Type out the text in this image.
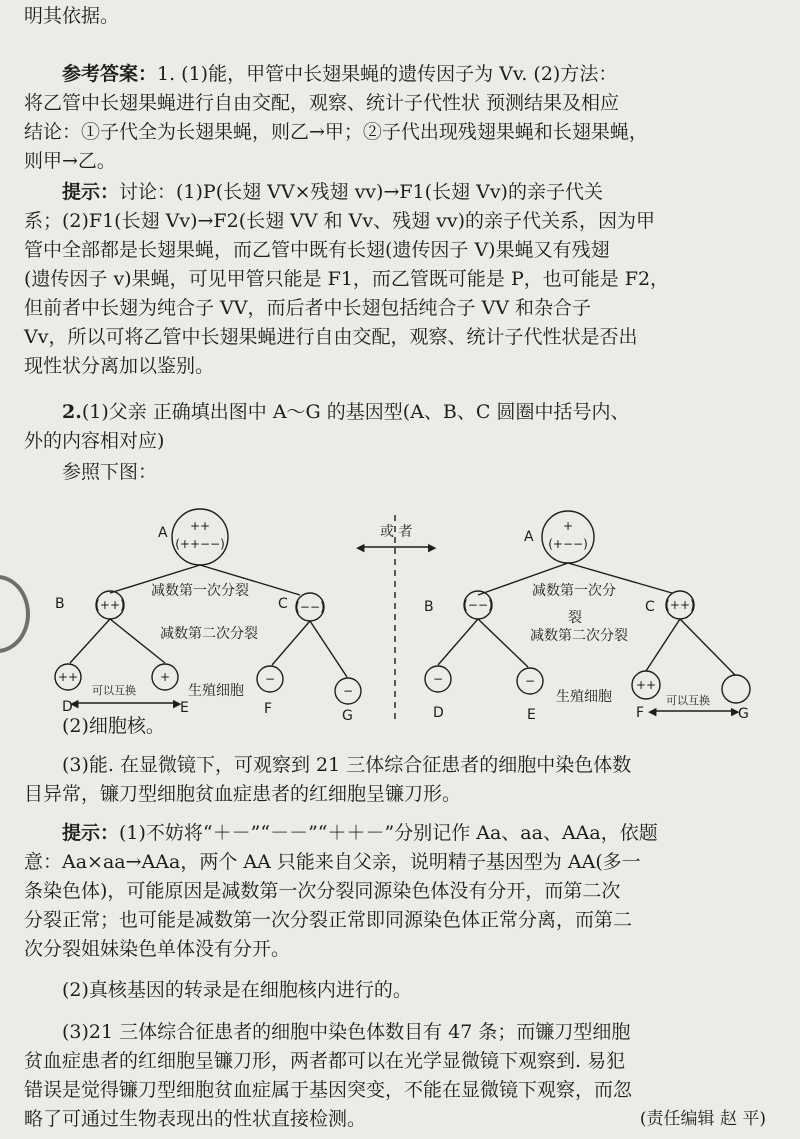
明其依据。

参考答案：1. (1)能，甲管中长翅果蝇的遗传因子为 Vv. (2)方法：
将乙管中长翅果蝇进行自由交配，观察、统计子代性状 预测结果及相应
结论：①子代全为长翅果蝇，则乙→甲；②子代出现残翅果蝇和长翅果蝇，
则甲→乙。
提示：讨论：(1)P(长翅 VV×残翅 vv)→F1(长翅 Vv)的亲子代关
系；(2)F1(长翅 Vv)→F2(长翅 VV 和 Vv、残翅 vv)的亲子代关系，因为甲
管中全部都是长翅果蝇，而乙管中既有长翅(遗传因子 V)果蝇又有残翅
(遗传因子 v)果蝇，可见甲管只能是 F1，而乙管既可能是 P，也可能是 F2，
但前者中长翅为纯合子 VV，而后者中长翅包括纯合子 VV 和杂合子
Vv，所以可将乙管中长翅果蝇进行自由交配，观察、统计子代性状是否出
现性状分离加以鉴别。
2.(1)父亲 正确填出图中 A～G 的基因型(A、B、C 圆圈中括号内、
外的内容相对应)
参照下图：
++
(++−−)
A
减数第一次分裂
(++)
B	(−−)
C
减数第二次分裂
++	+	−
−
可以互换
◀	▶
生殖细胞
D	E	F	G
或 者
◀	▶
+
(+−−)
A
减数第一次分
裂
(−−)
B	(++)
C
减数第二次分裂
−	−	++
生殖细胞	可以互换
◀	▶
D	E	F	G
(2)细胞核。
(3)能. 在显微镜下，可观察到 21 三体综合征患者的细胞中染色体数
目异常，镰刀型细胞贫血症患者的红细胞呈镰刀形。
提示：(1)不妨将“＋－”“－－”“＋＋－”分别记作 Aa、aa、AAa，依题
意：Aa×aa→AAa，两个 AA 只能来自父亲，说明精子基因型为 AA(多一
条染色体)，可能原因是减数第一次分裂同源染色体没有分开，而第二次
分裂正常；也可能是减数第一次分裂正常即同源染色体正常分离，而第二
次分裂姐妹染色单体没有分开。
(2)真核基因的转录是在细胞核内进行的。
(3)21 三体综合征患者的细胞中染色体数目有 47 条；而镰刀型细胞
贫血症患者的红细胞呈镰刀形，两者都可以在光学显微镜下观察到. 易犯
错误是觉得镰刀型细胞贫血症属于基因突变，不能在显微镜下观察，而忽
略了可通过生物表现出的性状直接检测。	(责任编辑 赵 平)
